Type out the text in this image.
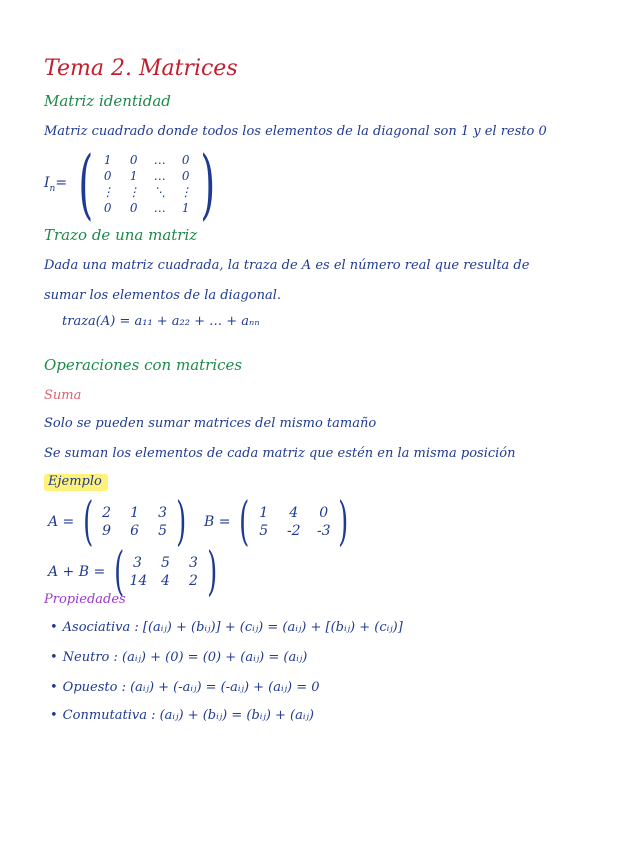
Tema 2. Matrices
Matriz identidad
Matriz cuadrado donde todos los elementos de la diagonal son 1 y el resto 0
$I_n=$ ( 1 0 … 0
0 1 … 0
⋮ ⋮ ⋱ ⋮
0 0 … 1 )
Trazo de una matriz
Dada una matriz cuadrada, la traza de A es el número real que resulta de
sumar los elementos de la diagonal.
traza(A) = a₁₁ + a₂₂ + … + aₙₙ
Operaciones con matrices
Suma
Solo se pueden sumar matrices del mismo tamaño
Se suman los elementos de cada matriz que estén en la misma posición
Ejemplo
A = ( 2 1 3
9 6 5 ) B = ( 1	4	0
5	-2 -3 )
A + B = ( 3 5 3
14 4 2 )
Propiedades
• Asociativa : [(aᵢⱼ) + (bᵢⱼ)] + (cᵢⱼ) = (aᵢⱼ) + [(bᵢⱼ) + (cᵢⱼ)]
• Neutro : (aᵢⱼ) + (0) = (0) + (aᵢⱼ) = (aᵢⱼ)
• Opuesto : (aᵢⱼ) + (-aᵢⱼ) = (-aᵢⱼ) + (aᵢⱼ) = 0
• Conmutativa : (aᵢⱼ) + (bᵢⱼ) = (bᵢⱼ) + (aᵢⱼ)
